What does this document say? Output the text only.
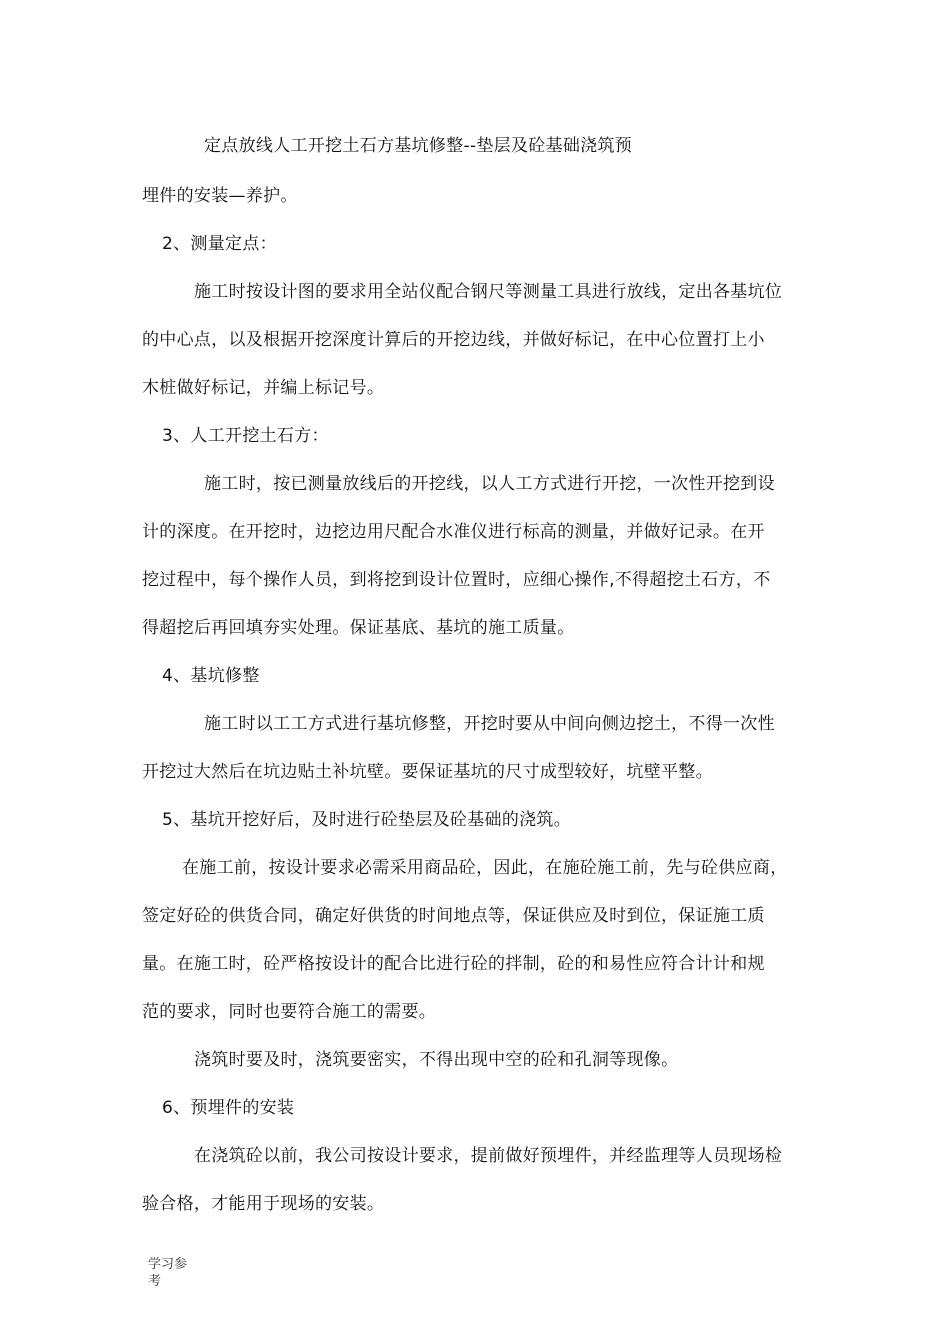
定点放线人工开挖土石方基坑修整--垫层及砼基础浇筑预

埋件的安装—养护。

2、测量定点：

施工时按设计图的要求用全站仪配合钢尺等测量工具进行放线，定出各基坑位

的中心点，以及根据开挖深度计算后的开挖边线，并做好标记，在中心位置打上小

木桩做好标记，并编上标记号。

3、人工开挖土石方：

施工时，按已测量放线后的开挖线，以人工方式进行开挖，一次性开挖到设

计的深度。在开挖时，边挖边用尺配合水准仪进行标高的测量，并做好记录。在开

挖过程中，每个操作人员，到将挖到设计位置时，应细心操作,不得超挖土石方，不

得超挖后再回填夯实处理。保证基底、基坑的施工质量。

4、基坑修整

施工时以工工方式进行基坑修整，开挖时要从中间向侧边挖土，不得一次性

开挖过大然后在坑边贴土补坑壁。要保证基坑的尺寸成型较好，坑壁平整。

5、基坑开挖好后，及时进行砼垫层及砼基础的浇筑。

在施工前，按设计要求必需采用商品砼，因此，在施砼施工前，先与砼供应商，

签定好砼的供货合同，确定好供货的时间地点等，保证供应及时到位，保证施工质

量。在施工时，砼严格按设计的配合比进行砼的拌制，砼的和易性应符合计计和规

范的要求，同时也要符合施工的需要。

浇筑时要及时，浇筑要密实，不得出现中空的砼和孔洞等现像。

6、预埋件的安装

在浇筑砼以前，我公司按设计要求，提前做好预埋件，并经监理等人员现场检

验合格，才能用于现场的安装。

学习参考
